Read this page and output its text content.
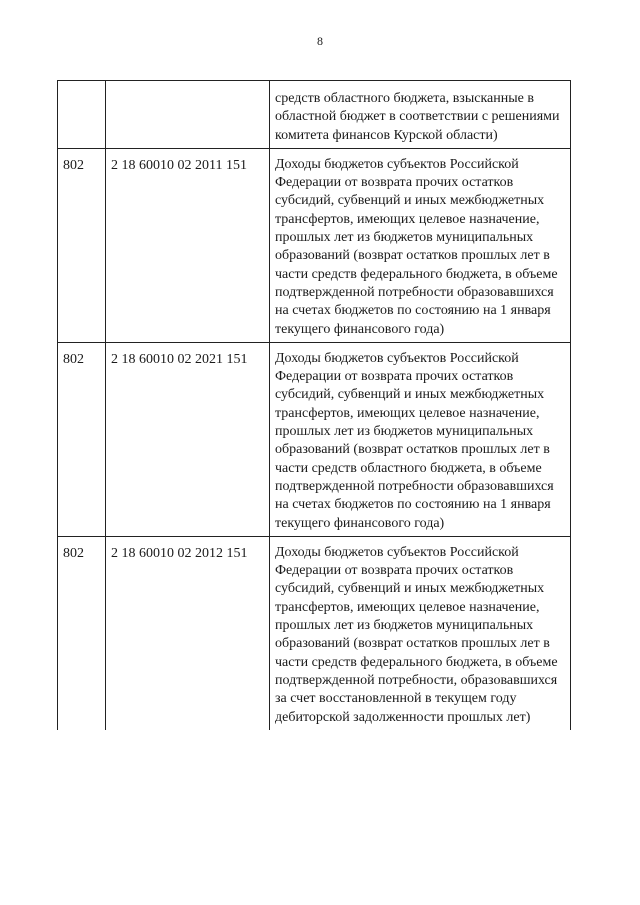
8
		средств областного бюджета, взысканные в областной бюджет в соответствии с решениями комитета финансов Курской области)
802	2 18 60010 02 2011 151	Доходы бюджетов субъектов Российской Федерации от возврата прочих остатков субсидий, субвенций и иных межбюджетных трансфертов, имеющих целевое назначение, прошлых лет из бюджетов муниципальных образований (возврат остатков прошлых лет в части средств федерального бюджета, в объеме подтвержденной потребности образовавшихся на счетах бюджетов по состоянию на 1 января текущего финансового года)
802	2 18 60010 02 2021 151	Доходы бюджетов субъектов Российской Федерации от возврата прочих остатков субсидий, субвенций и иных межбюджетных трансфертов, имеющих целевое назначение, прошлых лет из бюджетов муниципальных образований (возврат остатков прошлых лет в части средств областного бюджета, в объеме подтвержденной потребности образовавшихся на счетах бюджетов по состоянию на 1 января текущего финансового года)
802	2 18 60010 02 2012 151	Доходы бюджетов субъектов Российской Федерации от возврата прочих остатков субсидий, субвенций и иных межбюджетных трансфертов, имеющих целевое назначение, прошлых лет из бюджетов муниципальных образований (возврат остатков прошлых лет в части средств федерального бюджета, в объеме подтвержденной потребности, образовавшихся за счет восстановленной в текущем году дебиторской задолженности прошлых лет)
